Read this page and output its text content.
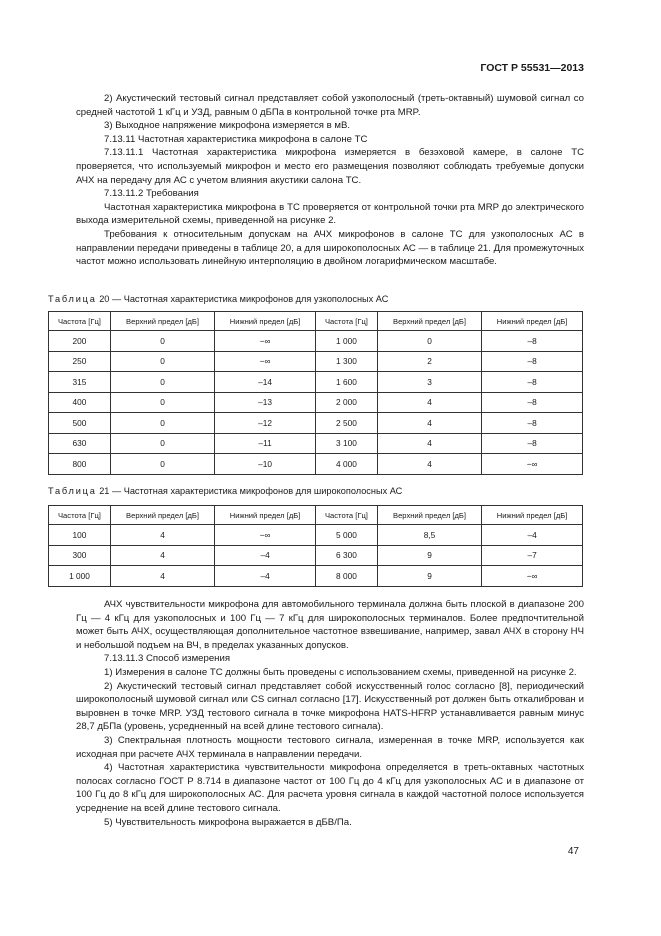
ГОСТ Р 55531—2013

2) Акустический тестовый сигнал представляет собой узкополосный (треть-октавный) шумовой сигнал со средней частотой 1 кГц и УЗД, равным 0 дБПа в контрольной точке рта MRP.

3) Выходное напряжение микрофона измеряется в мВ.

7.13.11 Частотная характеристика микрофона в салоне ТС

7.13.11.1 Частотная характеристика микрофона измеряется в безэховой камере, в салоне ТС проверяется, что используемый микрофон и место его размещения позволяют соблюдать требуемые допуски АЧХ на передачу для АС с учетом влияния акустики салона ТС.

7.13.11.2 Требования

Частотная характеристика микрофона в ТС проверяется от контрольной точки рта MRP до электрического выхода измерительной схемы, приведенной на рисунке 2.

Требования к относительным допускам на АЧХ микрофонов в салоне ТС для узкополосных АС в направлении передачи приведены в таблице 20, а для широкополосных АС — в таблице 21. Для промежуточных частот можно использовать линейную интерполяцию в двойном логарифмическом масштабе.

Таблица 20 — Частотная характеристика микрофонов для узкополосных АС

Частота [Гц]	Верхний предел [дБ]	Нижний предел [дБ]	Частота [Гц]	Верхний предел [дБ]	Нижний предел [дБ]
200	0	−∞	1 000	0	–8
250	0	−∞	1 300	2	–8
315	0	–14	1 600	3	–8
400	0	–13	2 000	4	–8
500	0	–12	2 500	4	–8
630	0	–11	3 100	4	–8
800	0	–10	4 000	4	−∞

Таблица 21 — Частотная характеристика микрофонов для широкополосных АС

Частота [Гц]	Верхний предел [дБ]	Нижний предел [дБ]	Частота [Гц]	Верхний предел [дБ]	Нижний предел [дБ]
100	4	−∞	5 000	8,5	–4
300	4	–4	6 300	9	–7
1 000	4	–4	8 000	9	−∞

АЧХ чувствительности микрофона для автомобильного терминала должна быть плоской в диапазоне 200 Гц — 4 кГц для узкополосных и 100 Гц — 7 кГц для широкополосных терминалов. Более предпочтительной может быть АЧХ, осуществляющая дополнительное частотное взвешивание, например, завал АЧХ в сторону НЧ и небольшой подъем на ВЧ, в пределах указанных допусков.

7.13.11.3 Способ измерения

1) Измерения в салоне ТС должны быть проведены с использованием схемы, приведенной на рисунке 2.

2) Акустический тестовый сигнал представляет собой искусственный голос согласно [8], периодический широкополосный шумовой сигнал или CS сигнал согласно [17]. Искусственный рот должен быть откалиброван и выровнен в точке MRP. УЗД тестового сигнала в точке микрофона HATS-HFRP устанавливается равным минус 28,7 дБПа (уровень, усредненный на всей длине тестового сигнала).

3) Спектральная плотность мощности тестового сигнала, измеренная в точке MRP, используется как исходная при расчете АЧХ терминала в направлении передачи.

4) Частотная характеристика чувствительности микрофона определяется в треть-октавных частотных полосах согласно ГОСТ Р 8.714 в диапазоне частот от 100 Гц до 4 кГц для узкополосных АС и в диапазоне от 100 Гц до 8 кГц для широкополосных АС. Для расчета уровня сигнала в каждой частотной полосе используется усреднение на всей длине тестового сигнала.

5) Чувствительность микрофона выражается в дБВ/Па.

47
